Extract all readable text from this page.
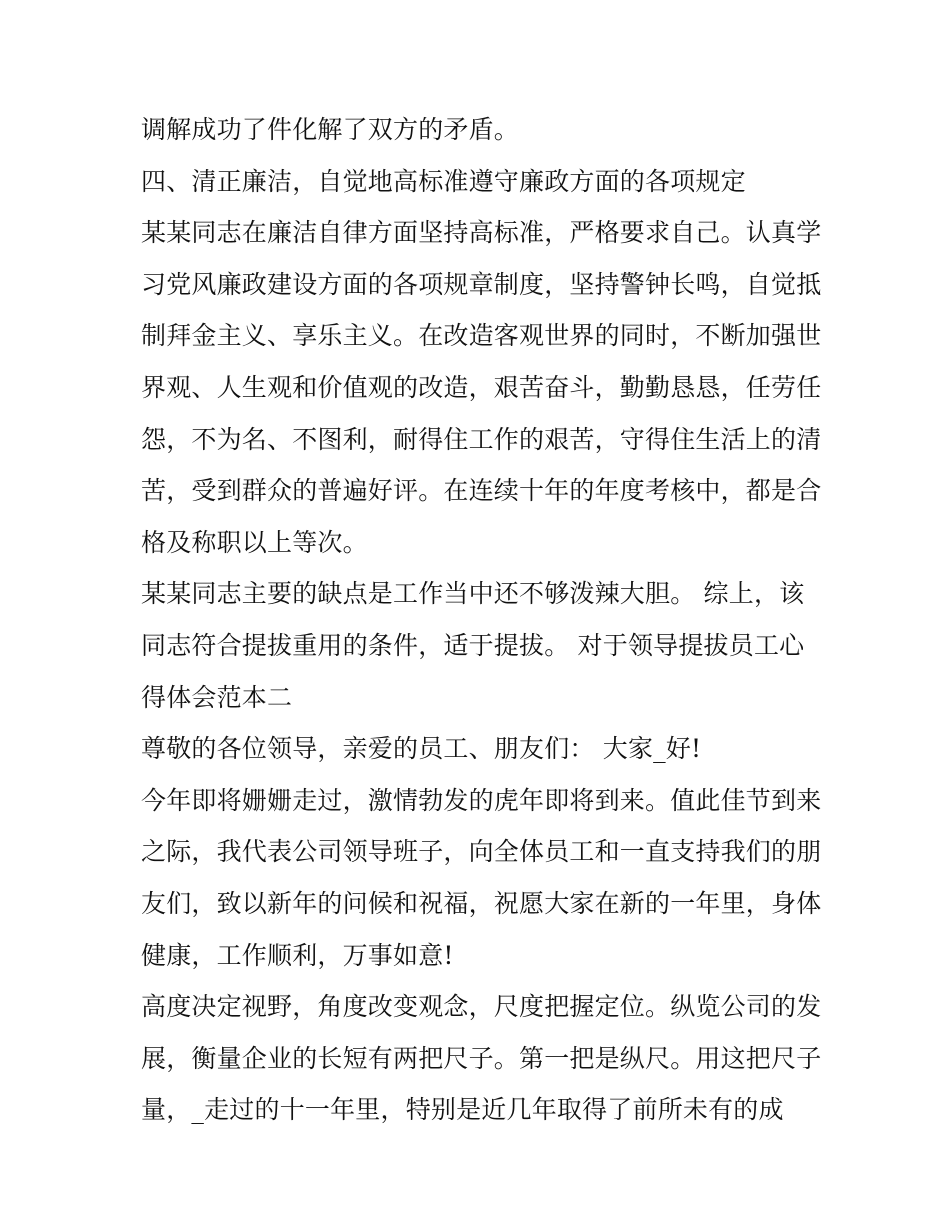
调解成功了件化解了双方的矛盾。
四、清正廉洁，自觉地高标准遵守廉政方面的各项规定
某某同志在廉洁自律方面坚持高标准，严格要求自己。认真学
习党风廉政建设方面的各项规章制度，坚持警钟长鸣，自觉抵
制拜金主义、享乐主义。在改造客观世界的同时，不断加强世
界观、人生观和价值观的改造，艰苦奋斗，勤勤恳恳，任劳任
怨，不为名、不图利，耐得住工作的艰苦，守得住生活上的清
苦，受到群众的普遍好评。在连续十年的年度考核中，都是合
格及称职以上等次。
某某同志主要的缺点是工作当中还不够泼辣大胆。 综上，该
同志符合提拔重用的条件，适于提拔。 对于领导提拔员工心
得体会范本二
尊敬的各位领导，亲爱的员工、朋友们： 大家_好!
今年即将姗姗走过，激情勃发的虎年即将到来。值此佳节到来
之际，我代表公司领导班子，向全体员工和一直支持我们的朋
友们，致以新年的问候和祝福，祝愿大家在新的一年里，身体
健康，工作顺利，万事如意!
高度决定视野，角度改变观念，尺度把握定位。纵览公司的发
展，衡量企业的长短有两把尺子。第一把是纵尺。用这把尺子
量，_走过的十一年里，特别是近几年取得了前所未有的成
